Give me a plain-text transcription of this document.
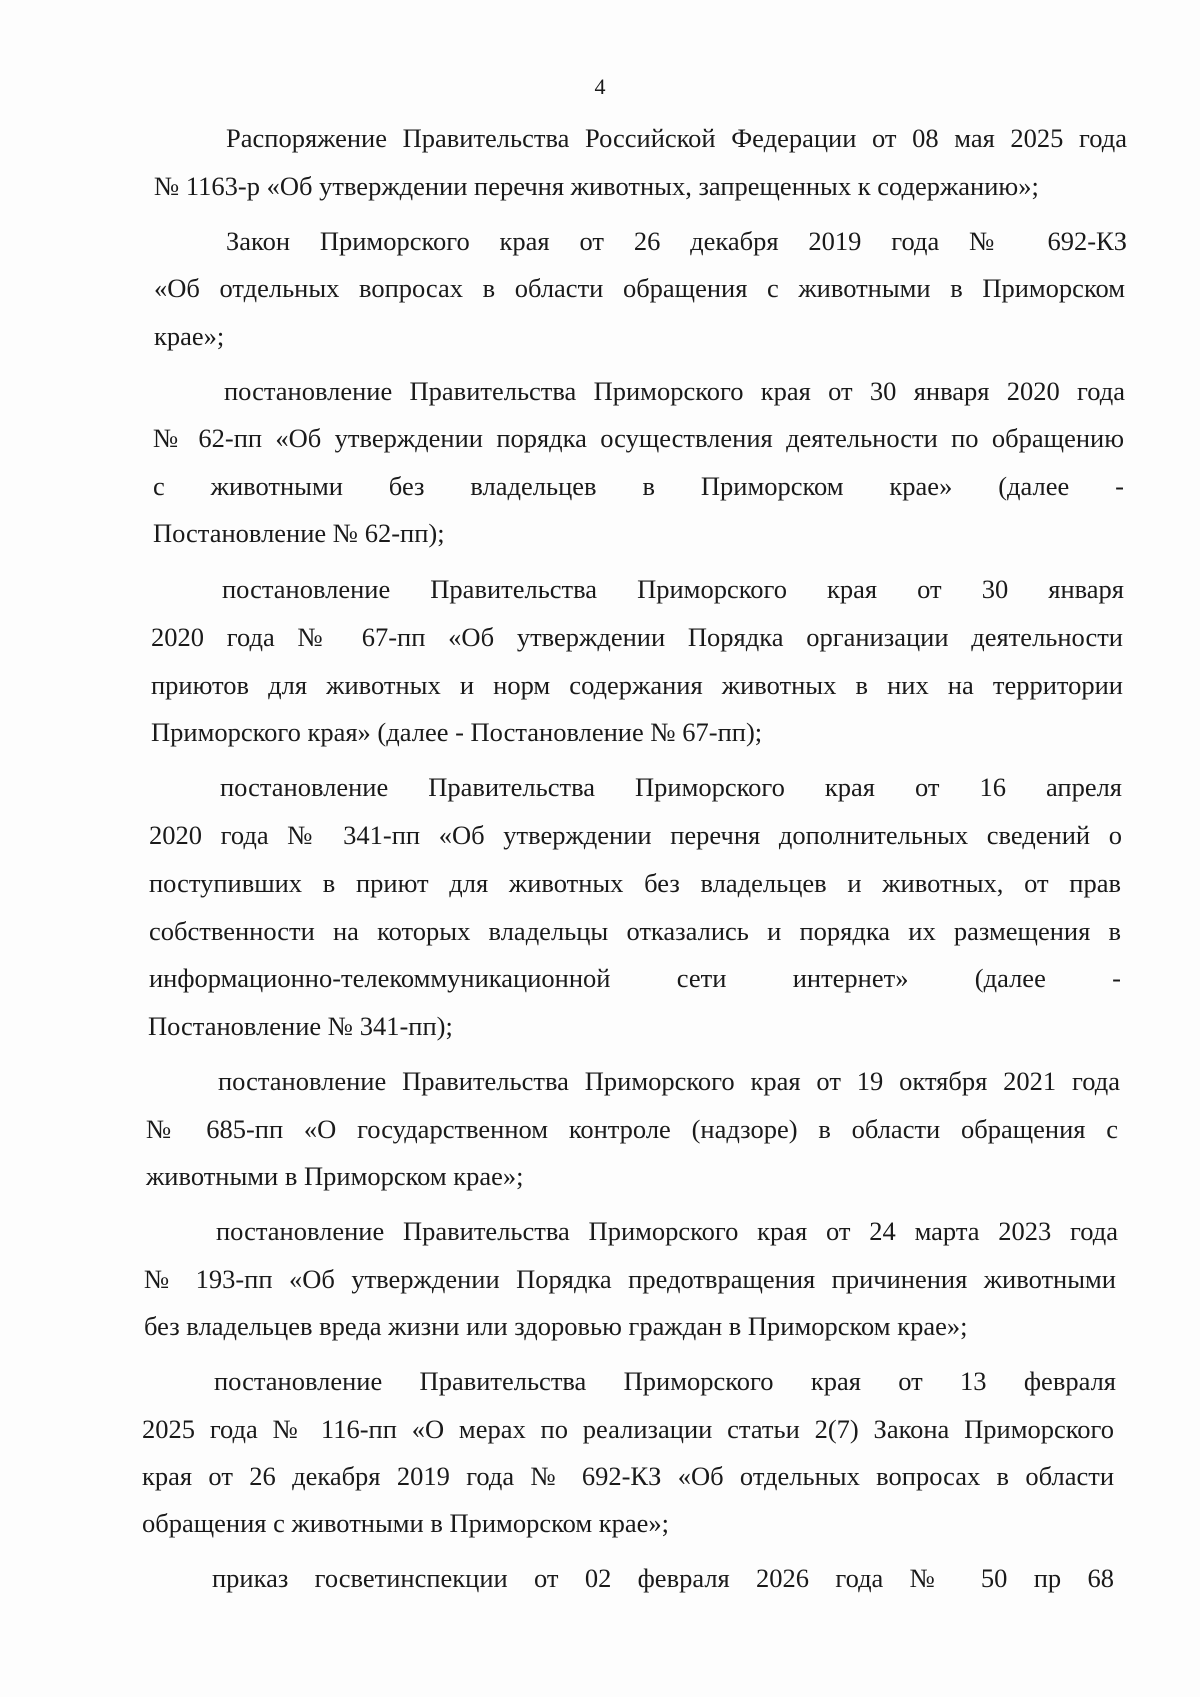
4
Распоряжение Правительства Российской Федерации от 08 мая 2025 года
№ 1163-р «Об утверждении перечня животных, запрещенных к содержанию»;
Закон Приморского края от 26 декабря 2019 года № 692-КЗ
«Об отдельных вопросах в области обращения с животными в Приморском
крае»;
постановление Правительства Приморского края от 30 января 2020 года
№ 62-пп «Об утверждении порядка осуществления деятельности по обращению
с животными без владельцев в Приморском крае» (далее -
Постановление № 62-пп);
постановление Правительства Приморского края от 30 января
2020 года № 67-пп «Об утверждении Порядка организации деятельности
приютов для животных и норм содержания животных в них на территории
Приморского края» (далее - Постановление № 67-пп);
постановление Правительства Приморского края от 16 апреля
2020 года № 341-пп «Об утверждении перечня дополнительных сведений о
поступивших в приют для животных без владельцев и животных, от прав
собственности на которых владельцы отказались и порядка их размещения в
информационно-телекоммуникационной сети интернет» (далее -
Постановление № 341-пп);
постановление Правительства Приморского края от 19 октября 2021 года
№ 685-пп «О государственном контроле (надзоре) в области обращения с
животными в Приморском крае»;
постановление Правительства Приморского края от 24 марта 2023 года
№ 193-пп «Об утверждении Порядка предотвращения причинения животными
без владельцев вреда жизни или здоровью граждан в Приморском крае»;
постановление Правительства Приморского края от 13 февраля
2025 года № 116-пп «О мерах по реализации статьи 2(7) Закона Приморского
края от 26 декабря 2019 года № 692-КЗ «Об отдельных вопросах в области
обращения с животными в Приморском крае»;
приказ госветинспекции от 02 февраля 2026 года № 50 пр 68
